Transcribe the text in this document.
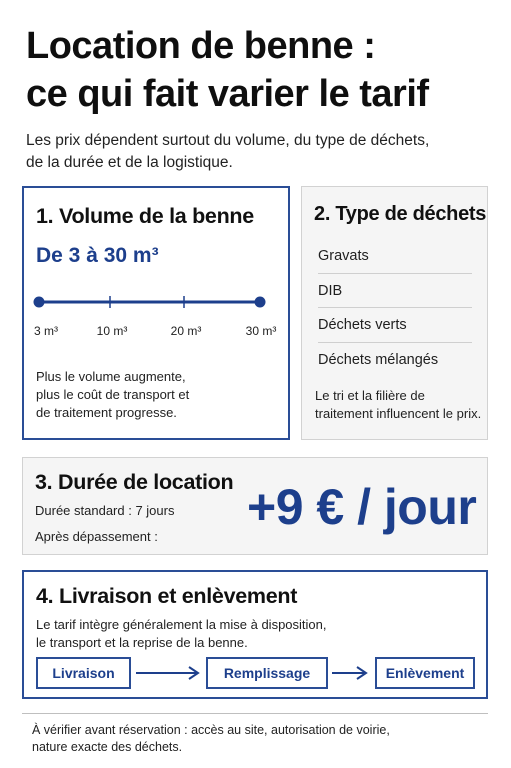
Location de benne :
ce qui fait varier le tarif
Les prix dépendent surtout du volume, du type de déchets,
de la durée et de la logistique.
1. Volume de la benne
De 3 à 30 m³
3 m³	10 m³	20 m³	30 m³
Plus le volume augmente,
plus le coût de transport et
de traitement progresse.
2. Type de déchets
Gravats
DIB
Déchets verts
Déchets mélangés
Le tri et la filière de
traitement influencent le prix.
3. Durée de location
Durée standard : 7 jours
Après dépassement :
+9 € / jour
4. Livraison et enlèvement
Le tarif intègre généralement la mise à disposition,
le transport et la reprise de la benne.
Livraison	Remplissage	Enlèvement
À vérifier avant réservation : accès au site, autorisation de voirie,
nature exacte des déchets.
